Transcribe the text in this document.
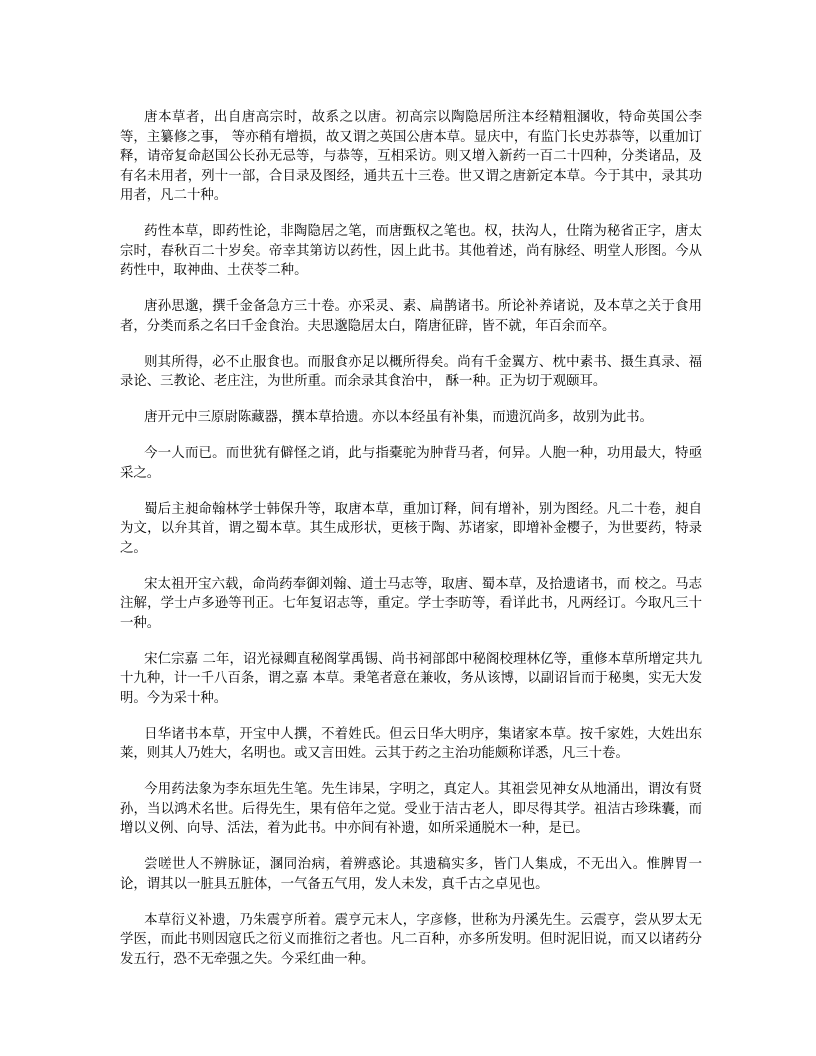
唐本草者，出自唐高宗时，故系之以唐。初高宗以陶隐居所注本经精粗溷收，特命英国公李 等，主纂修之事， 等亦稍有增损，故又谓之英国公唐本草。显庆中，有监门长史苏恭等，以重加订释，请帝复命赵国公长孙无忌等，与恭等，互相采访。则又增入新药一百二十四种，分类诸品，及有名未用者，列十一部，合目录及图经，通共五十三卷。世又谓之唐新定本草。今于其中，录其功用者，凡二十种。

药性本草，即药性论，非陶隐居之笔，而唐甄权之笔也。权，扶沟人，仕隋为秘省正字，唐太宗时，春秋百二十岁矣。帝幸其第访以药性，因上此书。其他着述，尚有脉经、明堂人形图。今从药性中，取神曲、土茯苓二种。

唐孙思邈，撰千金备急方三十卷。亦采灵、素、扁鹊诸书。所论补养诸说，及本草之关于食用者，分类而系之名曰千金食治。夫思邈隐居太白，隋唐征辟，皆不就，年百余而卒。

则其所得，必不止服食也。而服食亦足以概所得矣。尚有千金翼方、枕中素书、摄生真录、福录论、三教论、老庄注，为世所重。而余录其食治中， 酥一种。正为切于观颐耳。

唐开元中三原尉陈藏器，撰本草拾遗。亦以本经虽有补集，而遗沉尚多，故别为此书。

今一人而已。而世犹有僻怪之诮，此与指橐驼为肿背马者，何异。人胞一种，功用最大，特亟采之。

蜀后主昶命翰林学士韩保升等，取唐本草，重加订释，间有增补，别为图经。凡二十卷，昶自为文，以弁其首，谓之蜀本草。其生成形状，更核于陶、苏诸家，即增补金樱子，为世要药，特录之。

宋太祖开宝六载，命尚药奉御刘翰、道士马志等，取唐、蜀本草，及拾遗诸书，而 校之。马志注解，学士卢多逊等刊正。七年复诏志等，重定。学士李昉等，看详此书，凡两经订。今取凡三十一种。

宋仁宗嘉 二年，诏光禄卿直秘阁掌禹锡、尚书祠部郎中秘阁校理林亿等，重修本草所增定共九十九种，计一千八百条，谓之嘉 本草。秉笔者意在兼收，务从该博，以副诏旨而于秘奥，实无大发明。今为采十种。

日华诸书本草，开宝中人撰，不着姓氏。但云日华大明序，集诸家本草。按千家姓，大姓出东莱，则其人乃姓大，名明也。或又言田姓。云其于药之主治功能颇称详悉，凡三十卷。

今用药法象为李东垣先生笔。先生讳杲，字明之，真定人。其祖尝见神女从地涌出，谓汝有贤孙，当以鸿术名世。后得先生，果有倍年之觉。受业于洁古老人，即尽得其学。祖洁古珍珠囊，而增以义例、向导、活法，着为此书。中亦间有补遗，如所采通脱木一种，是已。

尝嗟世人不辨脉证，溷同治病，着辨惑论。其遗稿实多，皆门人集成，不无出入。惟脾胃一论，谓其以一脏具五脏体，一气备五气用，发人未发，真千古之卓见也。

本草衍义补遗，乃朱震亨所着。震亨元末人，字彦修，世称为丹溪先生。云震亨，尝从罗太无学医，而此书则因寇氏之衍义而推衍之者也。凡二百种，亦多所发明。但时泥旧说，而又以诸药分发五行，恐不无牵强之失。今采红曲一种。
